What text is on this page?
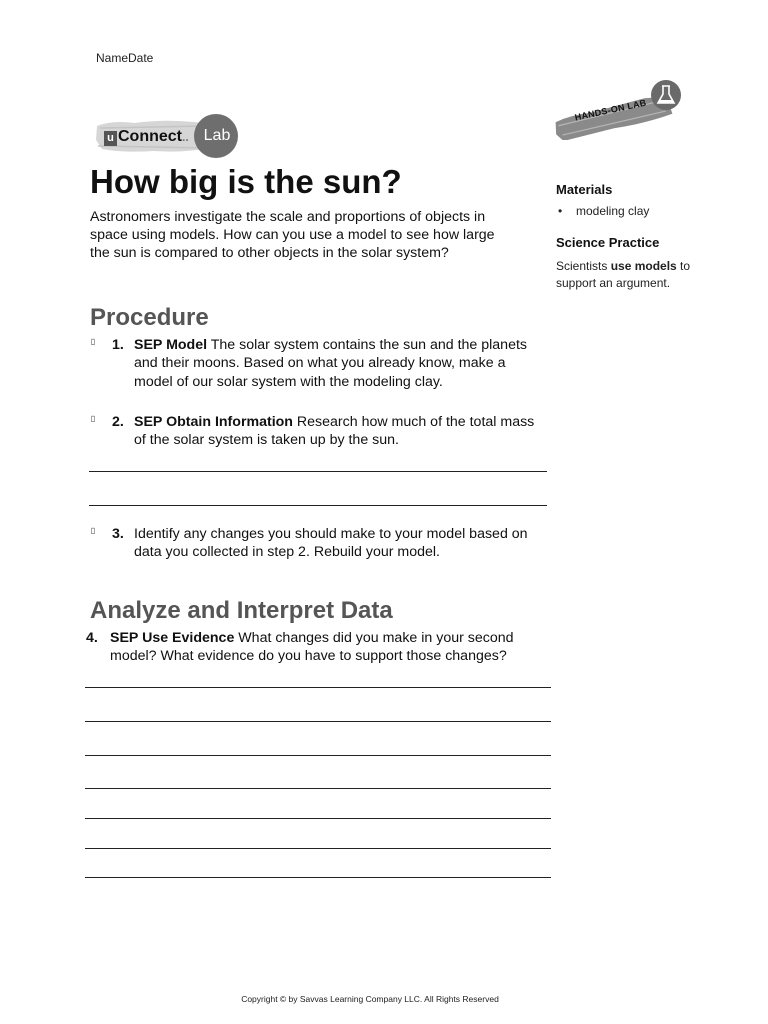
NameDate
u Connect.. Lab
HANDS-ON LAB
How big is the sun?
Astronomers investigate the scale and proportions of objects in space using models. How can you use a model to see how large the sun is compared to other objects in the solar system?
Materials
• modeling clay
Science Practice
Scientists use models to support an argument.
Procedure
▯ 1. SEP Model The solar system contains the sun and the planets and their moons. Based on what you already know, make a model of our solar system with the modeling clay.
▯ 2. SEP Obtain Information Research how much of the total mass of the solar system is taken up by the sun.
▯ 3. Identify any changes you should make to your model based on data you collected in step 2. Rebuild your model.
Analyze and Interpret Data
4. SEP Use Evidence What changes did you make in your second model? What evidence do you have to support those changes?
Copyright © by Savvas Learning Company LLC. All Rights Reserved
